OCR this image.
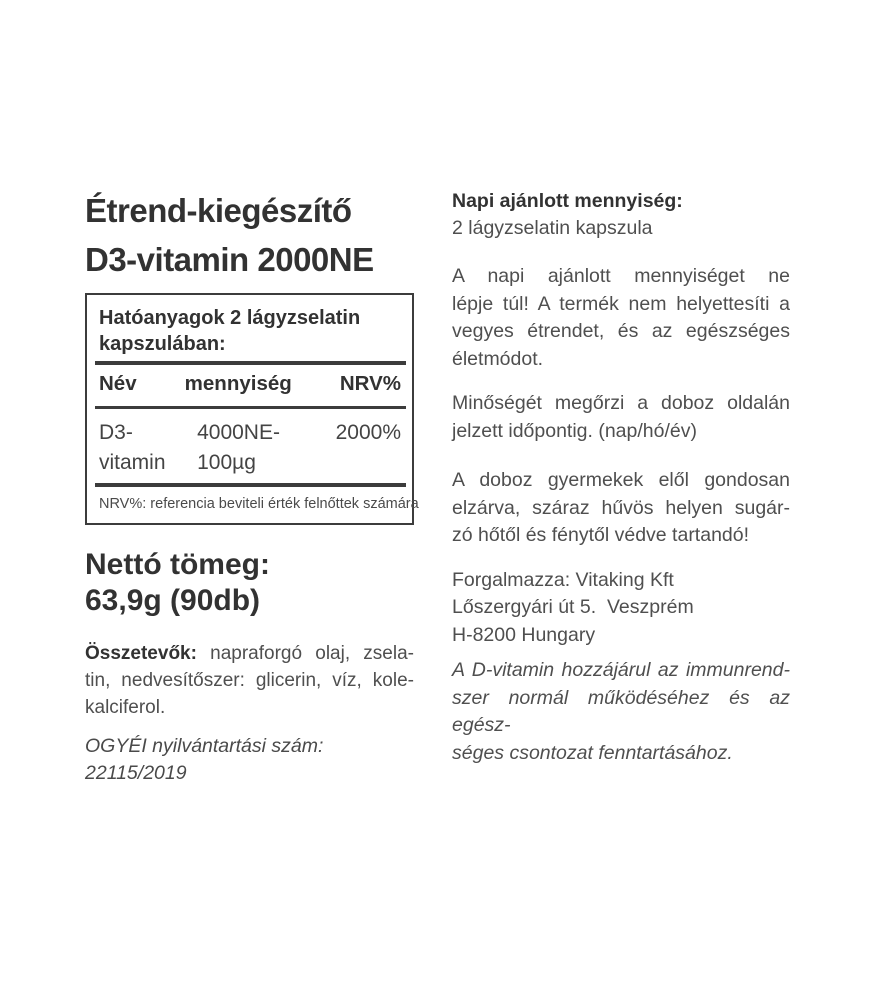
Étrend-kiegészítő
D3-vitamin 2000NE
Hatóanyagok 2 lágyzselatin
kapszulában:
Név mennyiség NRV%
D3-vitamin
4000NE-100µg
2000%
NRV%: referencia beviteli érték felnőttek számára
Nettó tömeg:
63,9g (90db)

Összetevők: napraforgó olaj, zsela-
tin, nedvesítőszer: glicerin, víz, kole-
kalciferol.

OGYÉI nyilvántartási szám: 22115/2019

Napi ajánlott mennyiség:
2 lágyzselatin kapszula
A napi ajánlott mennyiséget ne
lépje túl! A termék nem helyettesíti a
vegyes étrendet, és az egészséges
életmódot.
Minőségét megőrzi a doboz oldalán
jelzett időpontig. (nap/hó/év)
A doboz gyermekek elől gondosan
elzárva, száraz hűvös helyen sugár-
zó hőtől és fénytől védve tartandó!
Forgalmazza: Vitaking Kft
Lőszergyári út 5.  Veszprém
H-8200 Hungary
A D-vitamin hozzájárul az immunrend-
szer normál működéséhez és az egész-
séges csontozat fenntartásához.
